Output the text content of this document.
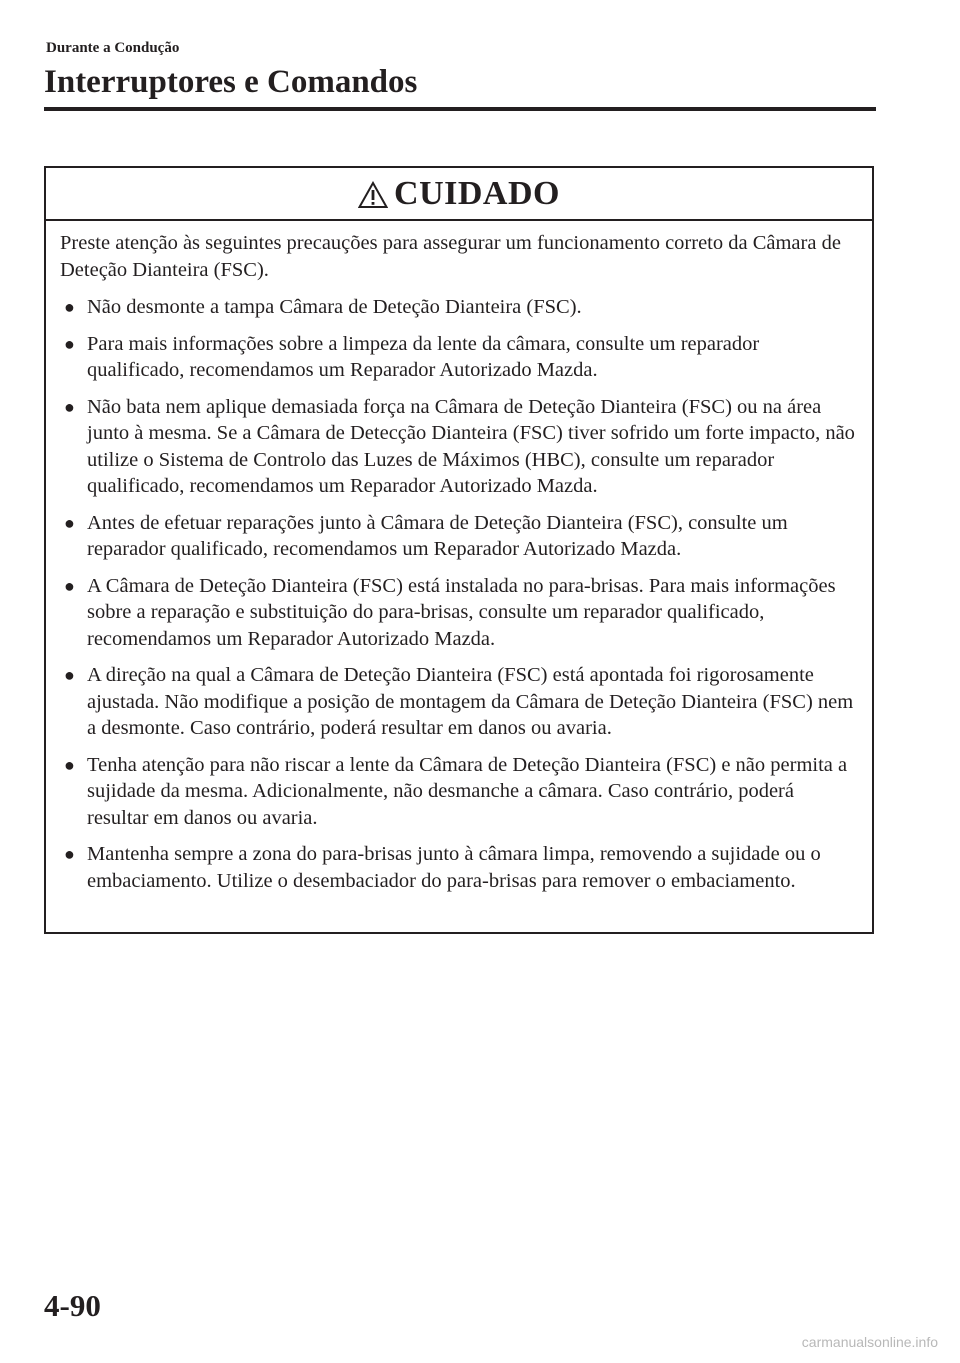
Durante a Condução
Interruptores e Comandos
CUIDADO

Preste atenção às seguintes precauções para assegurar um funcionamento correto da Câmara de Deteção Dianteira (FSC).

● Não desmonte a tampa Câmara de Deteção Dianteira (FSC).
● Para mais informações sobre a limpeza da lente da câmara, consulte um reparador qualificado, recomendamos um Reparador Autorizado Mazda.
● Não bata nem aplique demasiada força na Câmara de Deteção Dianteira (FSC) ou na área junto à mesma. Se a Câmara de Detecção Dianteira (FSC) tiver sofrido um forte impacto, não utilize o Sistema de Controlo das Luzes de Máximos (HBC), consulte um reparador qualificado, recomendamos um Reparador Autorizado Mazda.
● Antes de efetuar reparações junto à Câmara de Deteção Dianteira (FSC), consulte um reparador qualificado, recomendamos um Reparador Autorizado Mazda.
● A Câmara de Deteção Dianteira (FSC) está instalada no para-brisas. Para mais informações sobre a reparação e substituição do para-brisas, consulte um reparador qualificado, recomendamos um Reparador Autorizado Mazda.
● A direção na qual a Câmara de Deteção Dianteira (FSC) está apontada foi rigorosamente ajustada. Não modifique a posição de montagem da Câmara de Deteção Dianteira (FSC) nem a desmonte. Caso contrário, poderá resultar em danos ou avaria.
● Tenha atenção para não riscar a lente da Câmara de Deteção Dianteira (FSC) e não permita a sujidade da mesma. Adicionalmente, não desmanche a câmara. Caso contrário, poderá resultar em danos ou avaria.
● Mantenha sempre a zona do para-brisas junto à câmara limpa, removendo a sujidade ou o embaciamento. Utilize o desembaciador do para-brisas para remover o embaciamento.
4-90
carmanualsonline.info
